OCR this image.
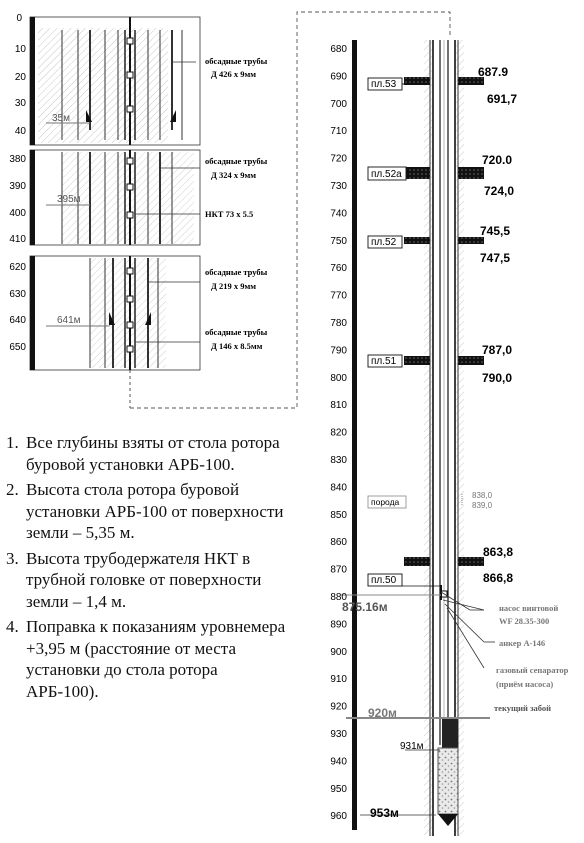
0
10
20
30
40
35м
380
390
400
410
395м
620
630
640
650
641м
обсадные трубы
Д 426 х 9мм
обсадные трубы
Д 324 х 9мм
НКТ 73 х 5.5
обсадные трубы
Д 219 х 9мм
обсадные трубы
Д 146 х 8.5мм
пл.53
пл.52а
пл.52
пл.51
пл.50
687.9
691,7
720.0
724,0
745,5
747,5
787,0
790,0
863,8
866,8
порода
838,0
839,0
875.16м
920м
931м
953м
насос винтовой
WF 28.35-300
анкер А-146
газовый сепаратор
(приём насоса)
текущий забой
680
690
700
710
720
730
740
750
760
770
780
790
800
810
820
830
840
850
860
870
880
890
900
910
920
930
940
950
960
1. Все глубины взяты от стола ротора буровой установки АРБ-100.
2. Высота стола ротора буровой установки АРБ-100 от поверхности земли – 5,35 м.
3. Высота трубодержателя НКТ в трубной головке от поверхности земли – 1,4 м.
4. Поправка к показаниям уровнемера +3,95 м (расстояние от места установки до стола ротора АРБ-100).
